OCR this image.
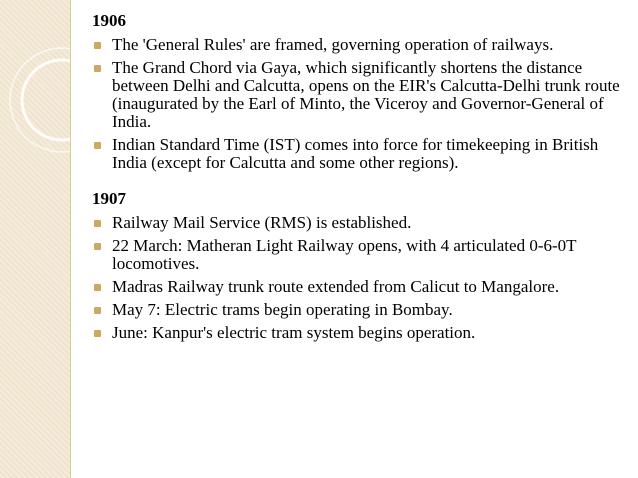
1906
The 'General Rules' are framed, governing operation of railways.
The Grand Chord via Gaya, which significantly shortens the distance between Delhi and Calcutta, opens on the EIR's Calcutta-Delhi trunk route (inaugurated by the Earl of Minto, the Viceroy and Governor-General of India.
Indian Standard Time (IST) comes into force for timekeeping in British India (except for Calcutta and some other regions).
1907
Railway Mail Service (RMS) is established.
22 March: Matheran Light Railway opens, with 4 articulated 0-6-0T locomotives.
Madras Railway trunk route extended from Calicut to Mangalore.
May 7: Electric trams begin operating in Bombay.
June: Kanpur's electric tram system begins operation.
